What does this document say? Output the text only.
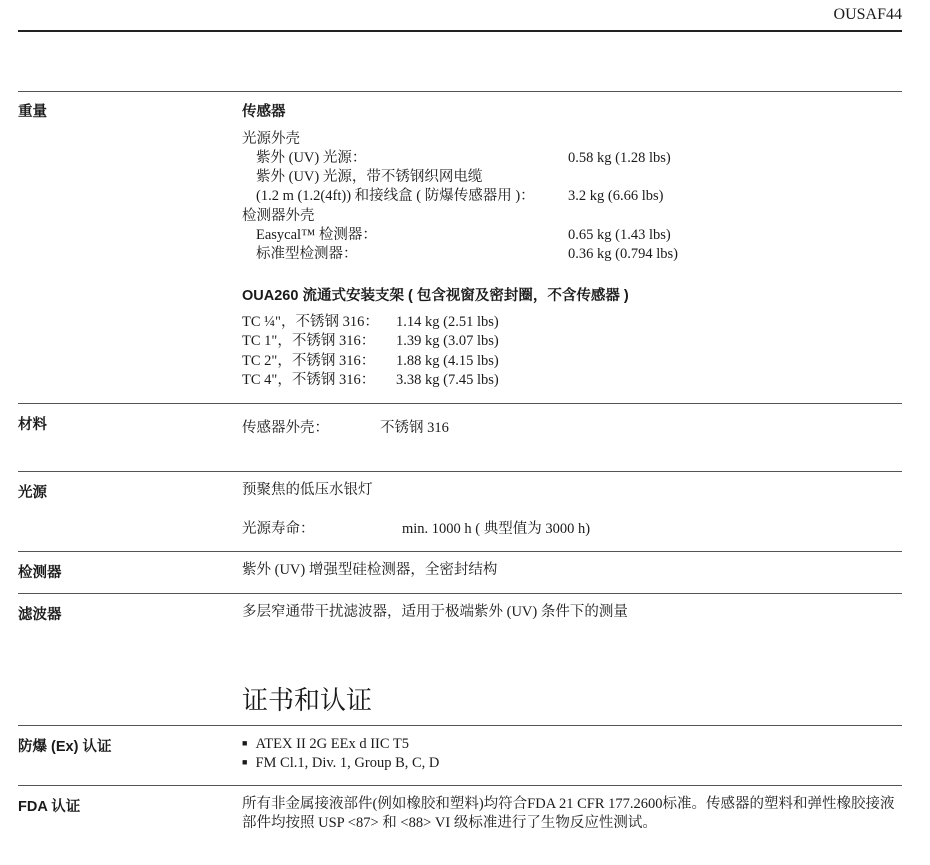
OUSAF44
重量	传感器
光源外壳
紫外 (UV) 光源：	0.58 kg (1.28 lbs)
紫外 (UV) 光源，带不锈钢织网电缆
(1.2 m (1.2(4ft)) 和接线盒 ( 防爆传感器用 )： 3.2 kg (6.66 lbs)
检测器外壳
Easycal™ 检测器：	0.65 kg (1.43 lbs)
标准型检测器：	0.36 kg (0.794 lbs)
OUA260 流通式安装支架 ( 包含视窗及密封圈，不含传感器 )
TC ¼"，不锈钢 316： 1.14 kg (2.51 lbs)
TC 1"，不锈钢 316： 1.39 kg (3.07 lbs)
TC 2"，不锈钢 316： 1.88 kg (4.15 lbs)
TC 4"，不锈钢 316： 3.38 kg (7.45 lbs)
材料	传感器外壳：	不锈钢 316
光源	预聚焦的低压水银灯
光源寿命：	min. 1000 h ( 典型值为 3000 h)
检测器	紫外 (UV) 增强型硅检测器，全密封结构
滤波器	多层窄通带干扰滤波器，适用于极端紫外 (UV) 条件下的测量
证书和认证
防爆 (Ex) 认证
■	ATEX II 2G EEx d IIC T5
■ FM Cl.1, Div. 1, Group B, C, D
FDA 认证	所有非金属接液部件(例如橡胶和塑料)均符合FDA 21 CFR 177.2600标准。传感器的塑料和弹性橡胶接液部件均按照 USP <87> 和 <88> VI 级标准进行了生物反应性测试。
